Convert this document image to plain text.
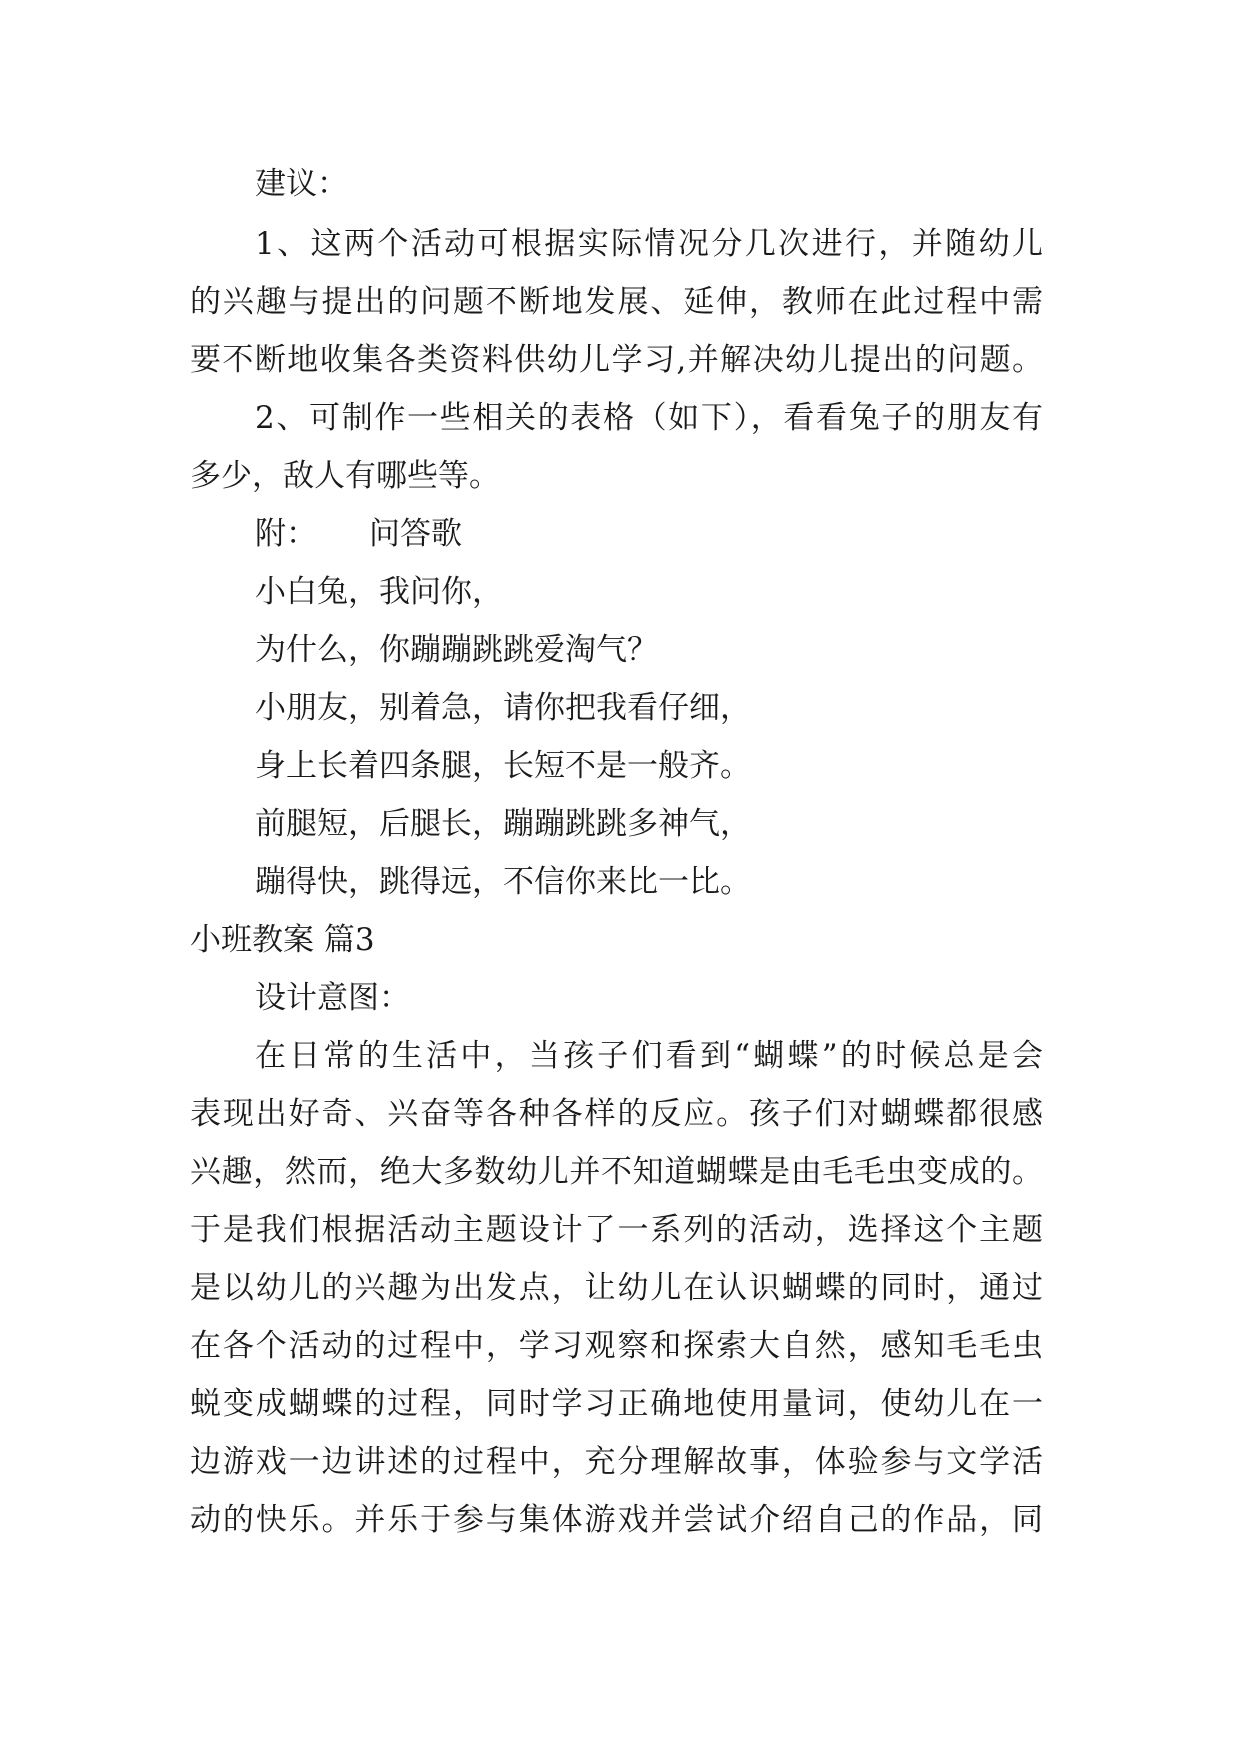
建议：
1、这两个活动可根据实际情况分几次进行，并随幼儿
的兴趣与提出的问题不断地发展、延伸，教师在此过程中需
要不断地收集各类资料供幼儿学习,并解决幼儿提出的问题。
2、可制作一些相关的表格（如下），看看兔子的朋友有
多少，敌人有哪些等。
附： 问答歌
小白兔，我问你，
为什么，你蹦蹦跳跳爱淘气？
小朋友，别着急，请你把我看仔细，
身上长着四条腿，长短不是一般齐。
前腿短，后腿长，蹦蹦跳跳多神气，
蹦得快，跳得远，不信你来比一比。
小班教案 篇3
设计意图：
在日常的生活中，当孩子们看到“蝴蝶”的时候总是会
表现出好奇、兴奋等各种各样的反应。孩子们对蝴蝶都很感
兴趣，然而，绝大多数幼儿并不知道蝴蝶是由毛毛虫变成的。
于是我们根据活动主题设计了一系列的活动，选择这个主题
是以幼儿的兴趣为出发点，让幼儿在认识蝴蝶的同时，通过
在各个活动的过程中，学习观察和探索大自然，感知毛毛虫
蜕变成蝴蝶的过程，同时学习正确地使用量词，使幼儿在一
边游戏一边讲述的过程中，充分理解故事，体验参与文学活
动的快乐。并乐于参与集体游戏并尝试介绍自己的作品，同
